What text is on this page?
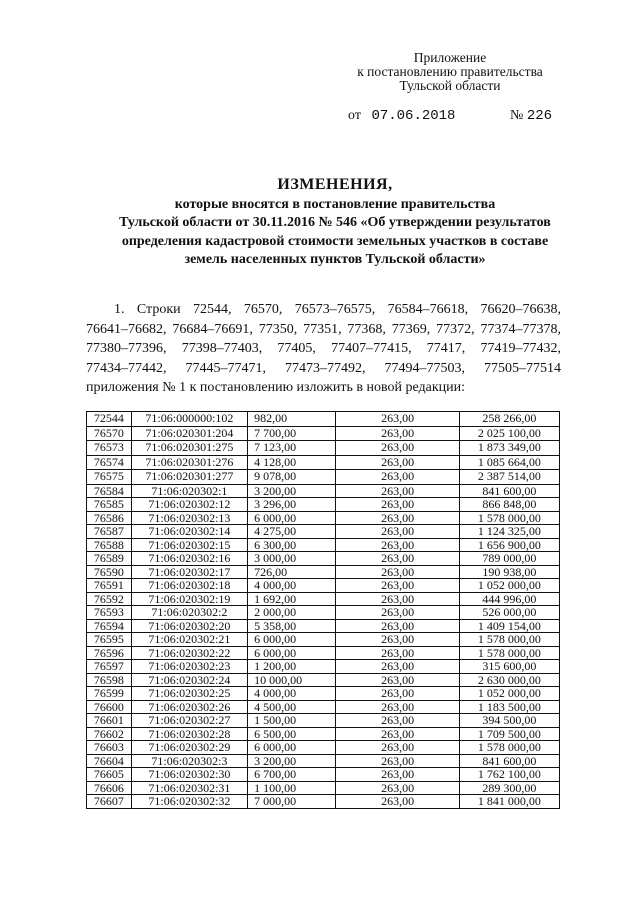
Приложение
к постановлению правительства
Тульской области
от 07.06.2018	№ 226
ИЗМЕНЕНИЯ,
которые вносятся в постановление правительства
Тульской области от 30.11.2016 № 546 «Об утверждении результатов
определения кадастровой стоимости земельных участков в составе
земель населенных пунктов Тульской области»
1. Строки 72544, 76570, 76573–76575, 76584–76618, 76620–76638,
76641–76682, 76684–76691, 77350, 77351, 77368, 77369, 77372, 77374–77378,
77380–77396, 77398–77403, 77405, 77407–77415, 77417, 77419–77432,
77434–77442, 77445–77471, 77473–77492, 77494–77503, 77505–77514
приложения № 1 к постановлению изложить в новой редакции:
72544	71:06:000000:102	982,00	263,00	258 266,00
76570	71:06:020301:204	7 700,00	263,00	2 025 100,00
76573	71:06:020301:275	7 123,00	263,00	1 873 349,00
76574	71:06:020301:276	4 128,00	263,00	1 085 664,00
76575	71:06:020301:277	9 078,00	263,00	2 387 514,00
76584	71:06:020302:1	3 200,00	263,00	841 600,00
76585	71:06:020302:12	3 296,00	263,00	866 848,00
76586	71:06:020302:13	6 000,00	263,00	1 578 000,00
76587	71:06:020302:14	4 275,00	263,00	1 124 325,00
76588	71:06:020302:15	6 300,00	263,00	1 656 900,00
76589	71:06:020302:16	3 000,00	263,00	789 000,00
76590	71:06:020302:17	726,00	263,00	190 938,00
76591	71:06:020302:18	4 000,00	263,00	1 052 000,00
76592	71:06:020302:19	1 692,00	263,00	444 996,00
76593	71:06:020302:2	2 000,00	263,00	526 000,00
76594	71:06:020302:20	5 358,00	263,00	1 409 154,00
76595	71:06:020302:21	6 000,00	263,00	1 578 000,00
76596	71:06:020302:22	6 000,00	263,00	1 578 000,00
76597	71:06:020302:23	1 200,00	263,00	315 600,00
76598	71:06:020302:24	10 000,00	263,00	2 630 000,00
76599	71:06:020302:25	4 000,00	263,00	1 052 000,00
76600	71:06:020302:26	4 500,00	263,00	1 183 500,00
76601	71:06:020302:27	1 500,00	263,00	394 500,00
76602	71:06:020302:28	6 500,00	263,00	1 709 500,00
76603	71:06:020302:29	6 000,00	263,00	1 578 000,00
76604	71:06:020302:3	3 200,00	263,00	841 600,00
76605	71:06:020302:30	6 700,00	263,00	1 762 100,00
76606	71:06:020302:31	1 100,00	263,00	289 300,00
76607	71:06:020302:32	7 000,00	263,00	1 841 000,00
